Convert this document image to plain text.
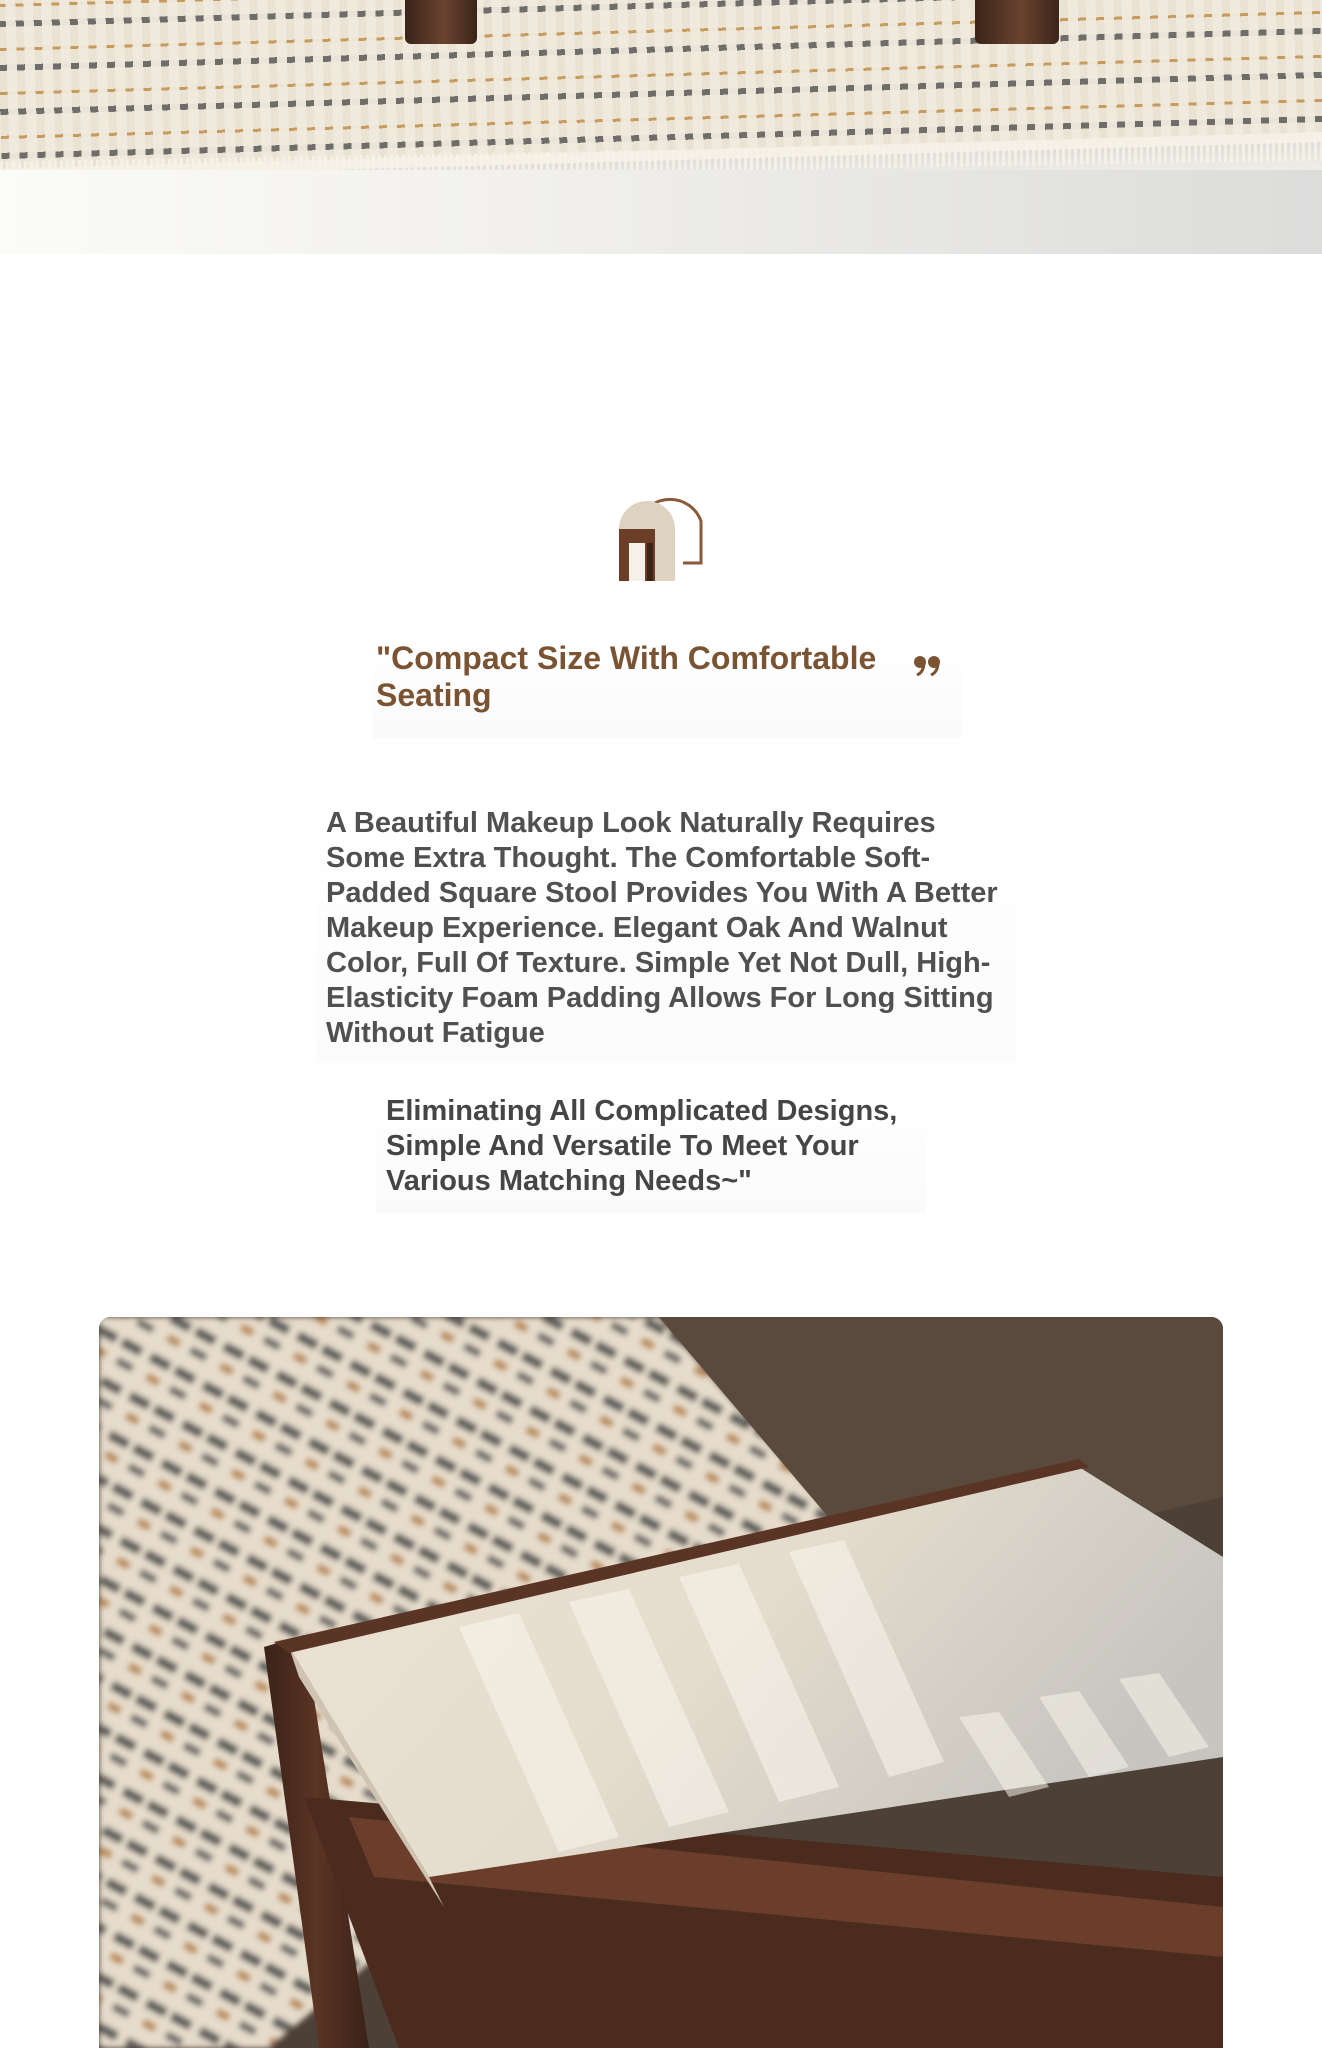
"Compact Size With Comfortable Seating

A Beautiful Makeup Look Naturally Requires Some Extra Thought. The Comfortable Soft-Padded Square Stool Provides You With A Better Makeup Experience. Elegant Oak And Walnut Color, Full Of Texture. Simple Yet Not Dull, High-Elasticity Foam Padding Allows For Long Sitting Without Fatigue

Eliminating All Complicated Designs, Simple And Versatile To Meet Your Various Matching Needs~"
